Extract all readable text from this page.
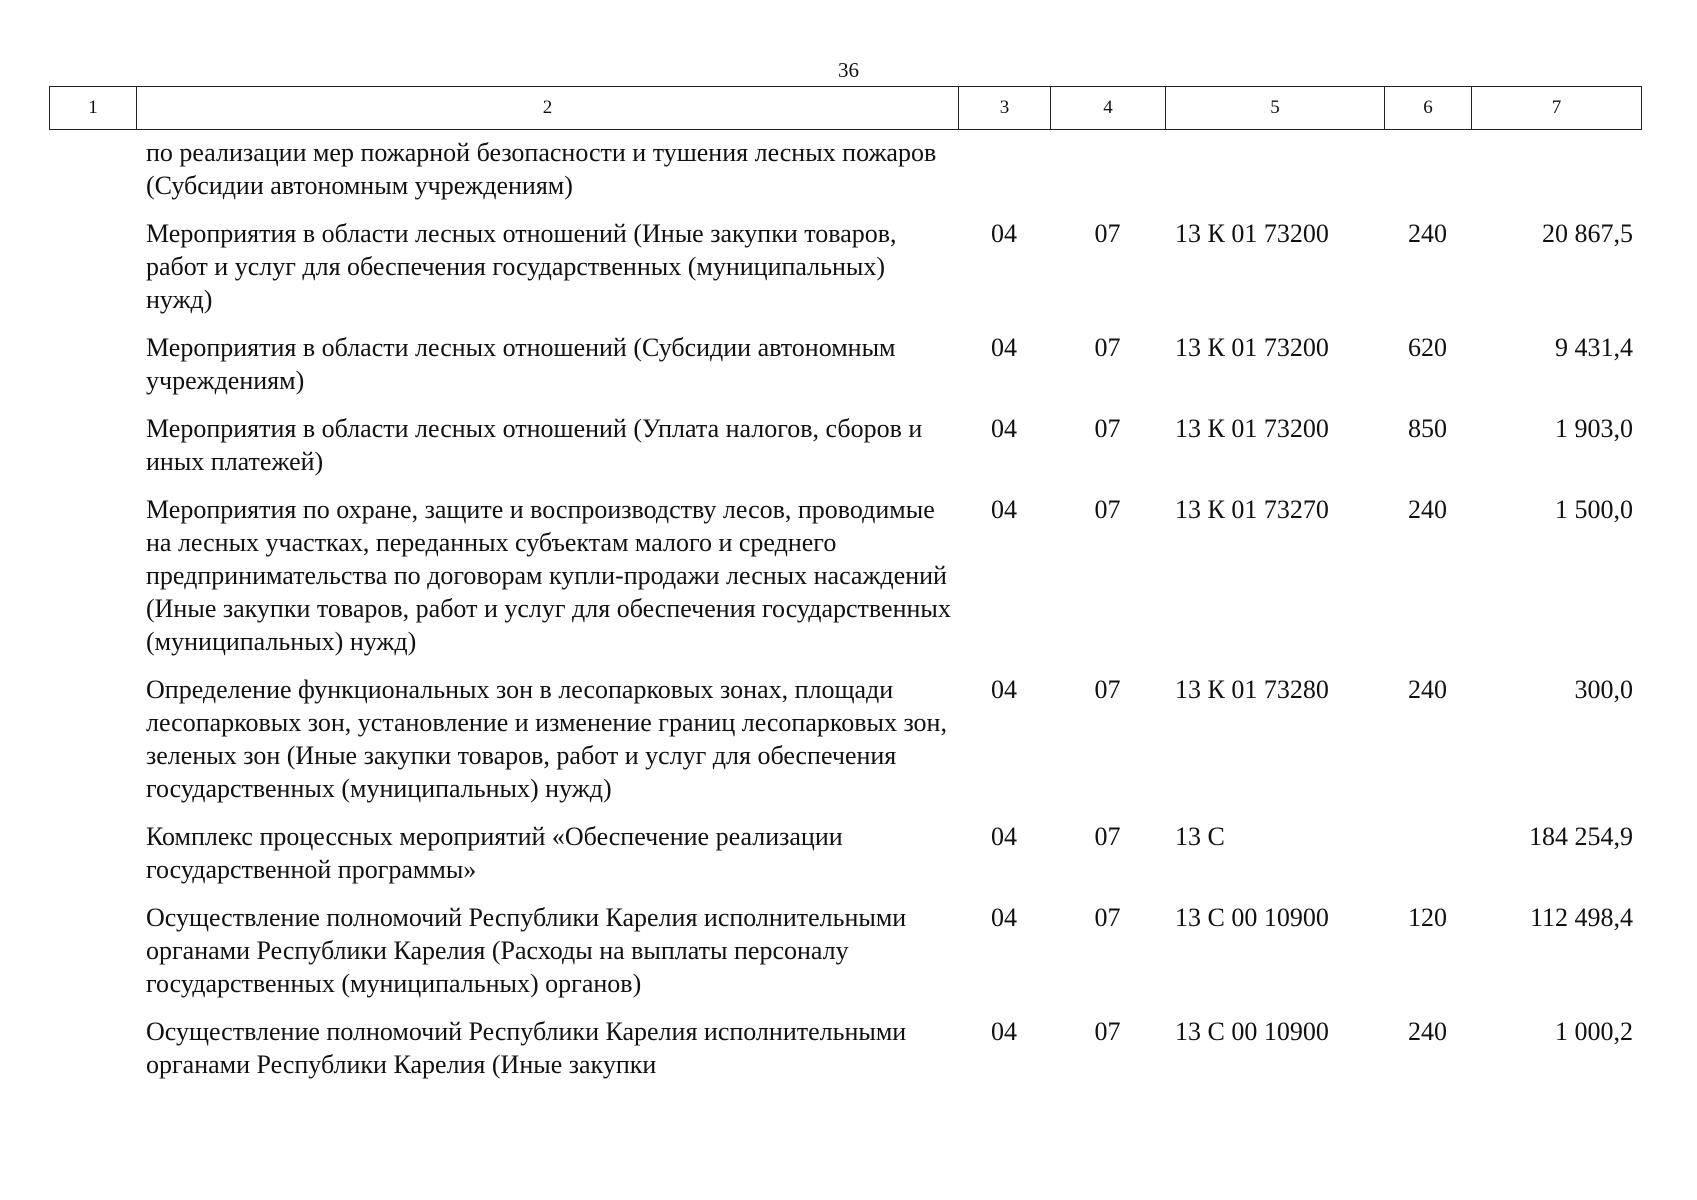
36
1	2	3	4	5	6	7
	по реализации мер пожарной безопасности и тушения лесных пожаров (Субсидии автономным учреждениям)					
	Мероприятия в области лесных отношений (Иные закупки товаров, работ и услуг для обеспечения государственных (муниципальных) нужд)	04	07	13 К 01 73200	240	20 867,5
	Мероприятия в области лесных отношений (Субсидии автономным учреждениям)	04	07	13 К 01 73200	620	9 431,4
	Мероприятия в области лесных отношений (Уплата налогов, сборов и иных платежей)	04	07	13 К 01 73200	850	1 903,0
	Мероприятия по охране, защите и воспроизводству лесов, проводимые на лесных участках, переданных субъектам малого и среднего предпринимательства по договорам купли-продажи лесных насаждений (Иные закупки товаров, работ и услуг для обеспечения государственных (муниципальных) нужд)	04	07	13 К 01 73270	240	1 500,0
	Определение функциональных зон в лесопарковых зонах, площади лесопарковых зон, установление и изменение границ лесопарковых зон, зеленых зон (Иные закупки товаров, работ и услуг для обеспечения государственных (муниципальных) нужд)	04	07	13 К 01 73280	240	300,0
	Комплекс процессных мероприятий «Обеспечение реализации государственной программы»	04	07	13 С		184 254,9
	Осуществление полномочий Республики Карелия исполнительными органами Республики Карелия (Расходы на выплаты персоналу государственных (муниципальных) органов)	04	07	13 С 00 10900	120	112 498,4
	Осуществление полномочий Республики Карелия исполнительными органами Республики Карелия (Иные закупки	04	07	13 С 00 10900	240	1 000,2
